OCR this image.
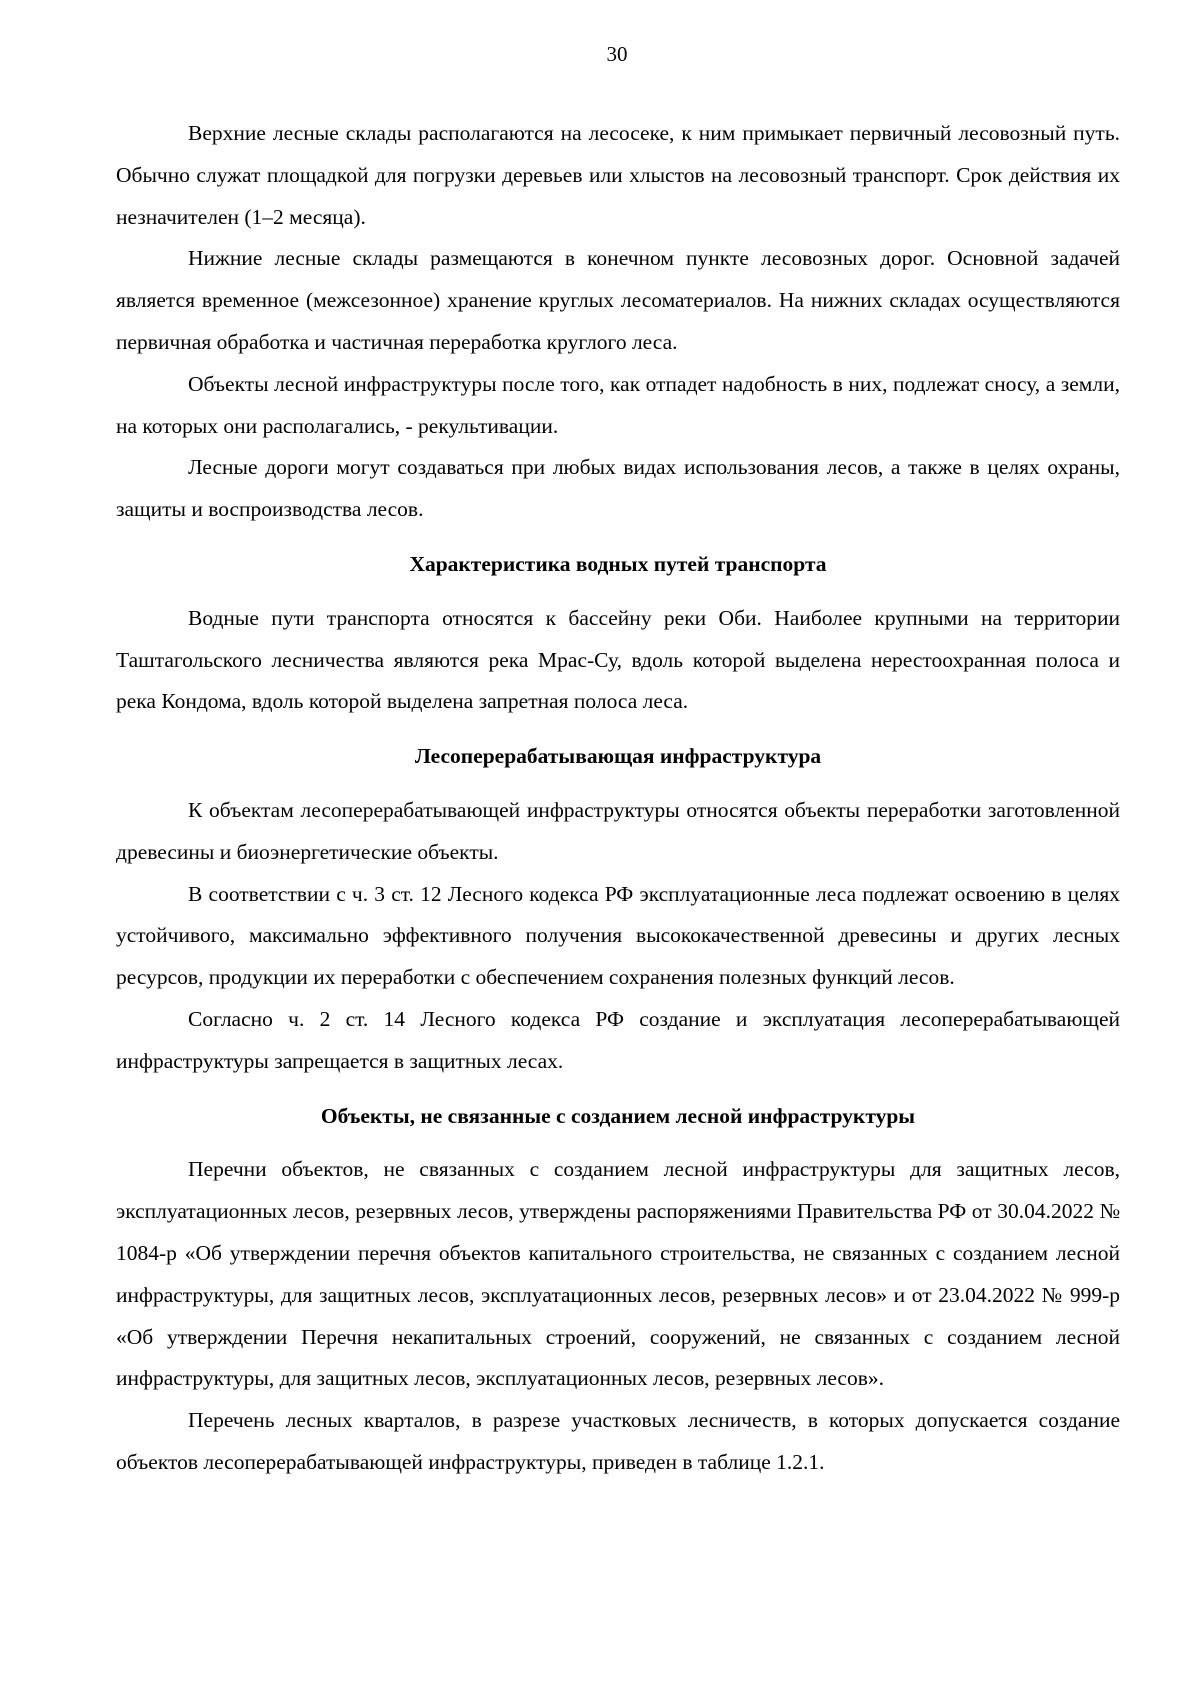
30

Верхние лесные склады располагаются на лесосеке, к ним примыкает первичный лесовозный путь. Обычно служат площадкой для погрузки деревьев или хлыстов на лесовозный транспорт. Срок действия их незначителен (1–2 месяца).

Нижние лесные склады размещаются в конечном пункте лесовозных дорог. Основной задачей является временное (межсезонное) хранение круглых лесоматериалов. На нижних складах осуществляются первичная обработка и частичная переработка круглого леса.

Объекты лесной инфраструктуры после того, как отпадет надобность в них, подлежат сносу, а земли, на которых они располагались, - рекультивации.

Лесные дороги могут создаваться при любых видах использования лесов, а также в целях охраны, защиты и воспроизводства лесов.

Характеристика водных путей транспорта

Водные пути транспорта относятся к бассейну реки Оби. Наиболее крупными на территории Таштагольского лесничества являются река Мрас-Су, вдоль которой выделена нерестоохранная полоса и река Кондома, вдоль которой выделена запретная полоса леса.

Лесоперерабатывающая инфраструктура

К объектам лесоперерабатывающей инфраструктуры относятся объекты переработки заготовленной древесины и биоэнергетические объекты.

В соответствии с ч. 3 ст. 12 Лесного кодекса РФ эксплуатационные леса подлежат освоению в целях устойчивого, максимально эффективного получения высококачественной древесины и других лесных ресурсов, продукции их переработки с обеспечением сохранения полезных функций лесов.

Согласно ч. 2 ст. 14 Лесного кодекса РФ создание и эксплуатация лесоперерабатывающей инфраструктуры запрещается в защитных лесах.

Объекты, не связанные с созданием лесной инфраструктуры

Перечни объектов, не связанных с созданием лесной инфраструктуры для защитных лесов, эксплуатационных лесов, резервных лесов, утверждены распоряжениями Правительства РФ от 30.04.2022 № 1084-р «Об утверждении перечня объектов капитального строительства, не связанных с созданием лесной инфраструктуры, для защитных лесов, эксплуатационных лесов, резервных лесов» и от 23.04.2022 № 999-р «Об утверждении Перечня некапитальных строений, сооружений, не связанных с созданием лесной инфраструктуры, для защитных лесов, эксплуатационных лесов, резервных лесов».

Перечень лесных кварталов, в разрезе участковых лесничеств, в которых допускается создание объектов лесоперерабатывающей инфраструктуры, приведен в таблице 1.2.1.
